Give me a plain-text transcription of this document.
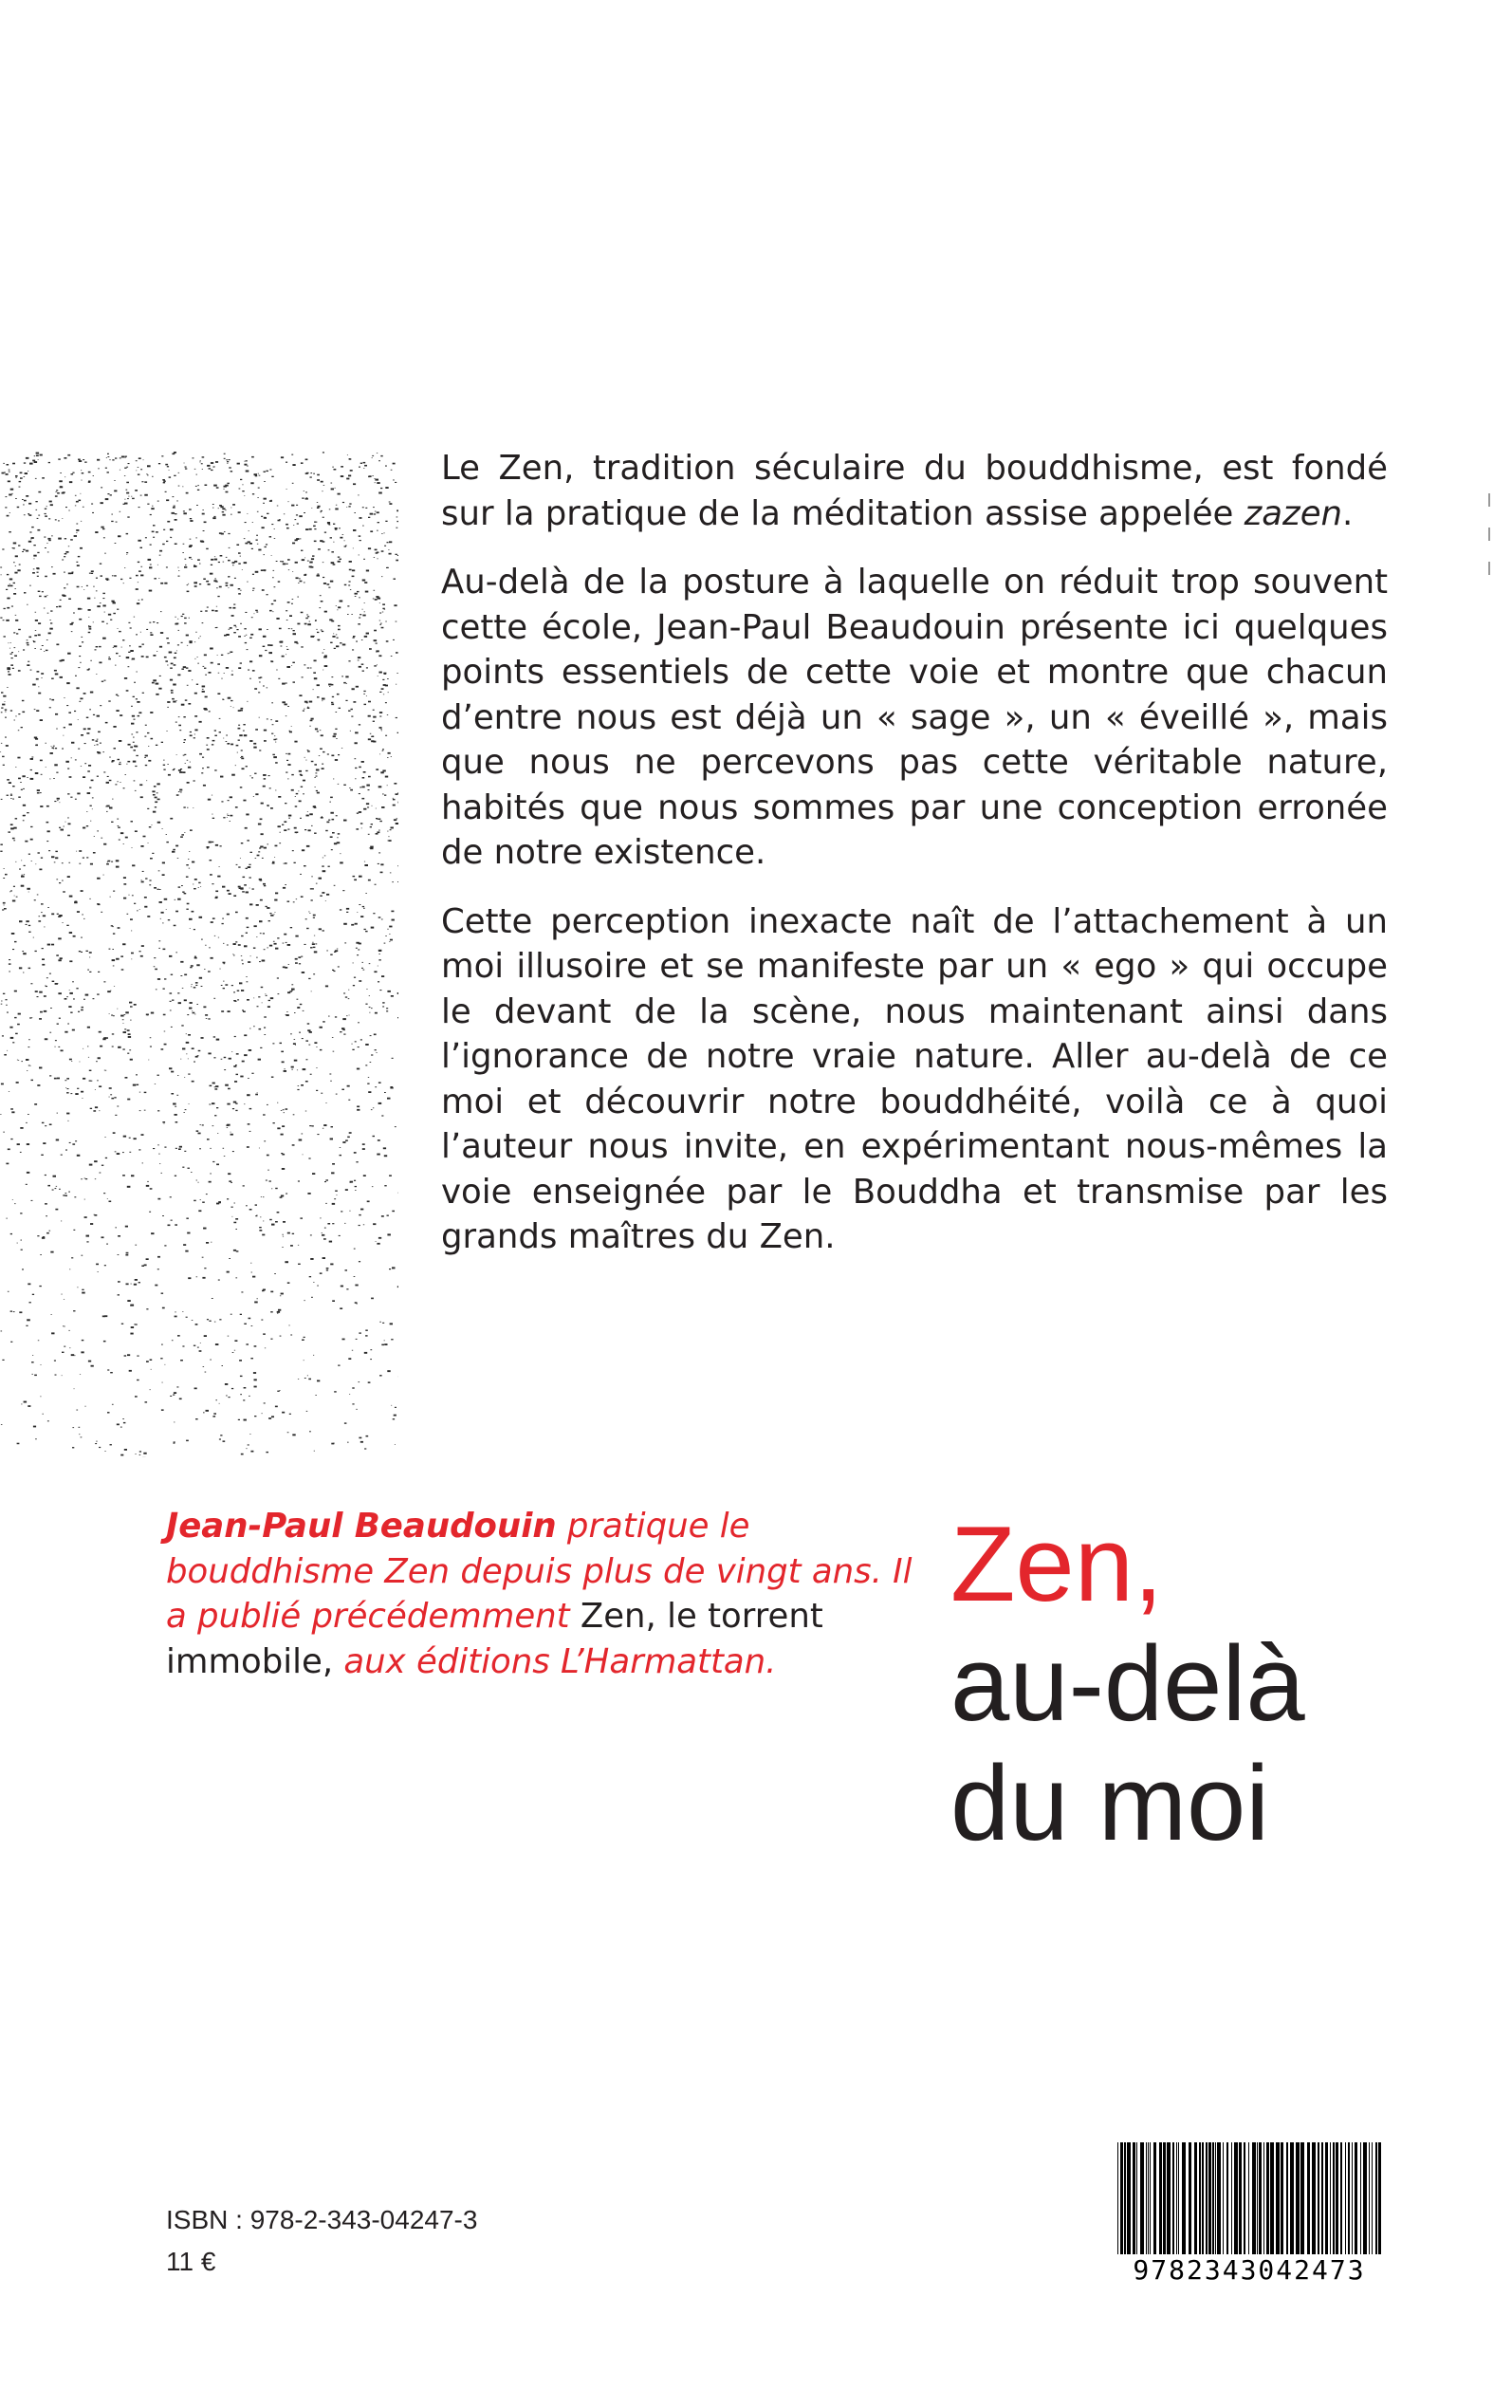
Le Zen, tradition séculaire du bouddhisme, est fondé sur la pratique de la méditation assise appelée zazen.

Au-delà de la posture à laquelle on réduit trop souvent cette école, Jean-Paul Beaudouin présente ici quelques points essentiels de cette voie et montre que chacun d’entre nous est déjà un « sage », un « éveillé », mais que nous ne percevons pas cette véritable nature, habités que nous sommes par une conception erronée de notre existence.

Cette perception inexacte naît de l’attachement à un moi illusoire et se manifeste par un « ego » qui occupe le devant de la scène, nous maintenant ainsi dans l’ignorance de notre vraie nature. Aller au-delà de ce moi et découvrir notre bouddhéité, voilà ce à quoi l’auteur nous invite, en expérimentant nous-mêmes la voie enseignée par le Bouddha et transmise par les grands maîtres du Zen.

Jean-Paul Beaudouin pratique le bouddhisme Zen depuis plus de vingt ans. Il a publié précédemment Zen, le torrent immobile, aux éditions L’Harmattan.
Zen,
au-delà
du moi
ISBN : 978-2-343-04247-3
11 €	9782343042473
